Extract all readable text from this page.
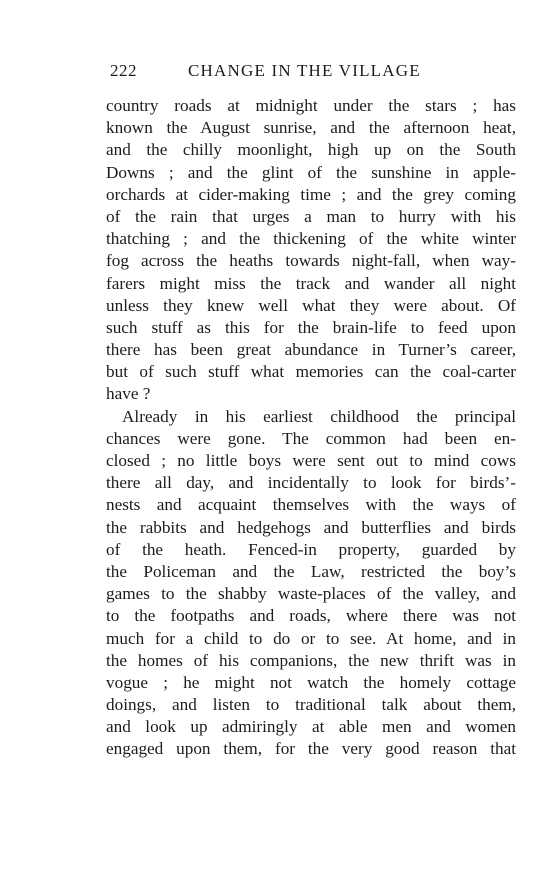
222	CHANGE IN THE VILLAGE
country roads at midnight under the stars ; has
known the August sunrise, and the afternoon heat,
and the chilly moonlight, high up on the South
Downs ; and the glint of the sunshine in apple-
orchards at cider-making time ; and the grey coming
of the rain that urges a man to hurry with his
thatching ; and the thickening of the white winter
fog across the heaths towards night-fall, when way-
farers might miss the track and wander all night
unless they knew well what they were about. Of
such stuff as this for the brain-life to feed upon
there has been great abundance in Turner’s career,
but of such stuff what memories can the coal-carter
have ?
Already in his earliest childhood the principal
chances were gone. The common had been en-
closed ; no little boys were sent out to mind cows
there all day, and incidentally to look for birds’-
nests and acquaint themselves with the ways of
the rabbits and hedgehogs and butterflies and birds
of the heath. Fenced-in property, guarded by
the Policeman and the Law, restricted the boy’s
games to the shabby waste-places of the valley, and
to the footpaths and roads, where there was not
much for a child to do or to see. At home, and in
the homes of his companions, the new thrift was in
vogue ; he might not watch the homely cottage
doings, and listen to traditional talk about them,
and look up admiringly at able men and women
engaged upon them, for the very good reason that
